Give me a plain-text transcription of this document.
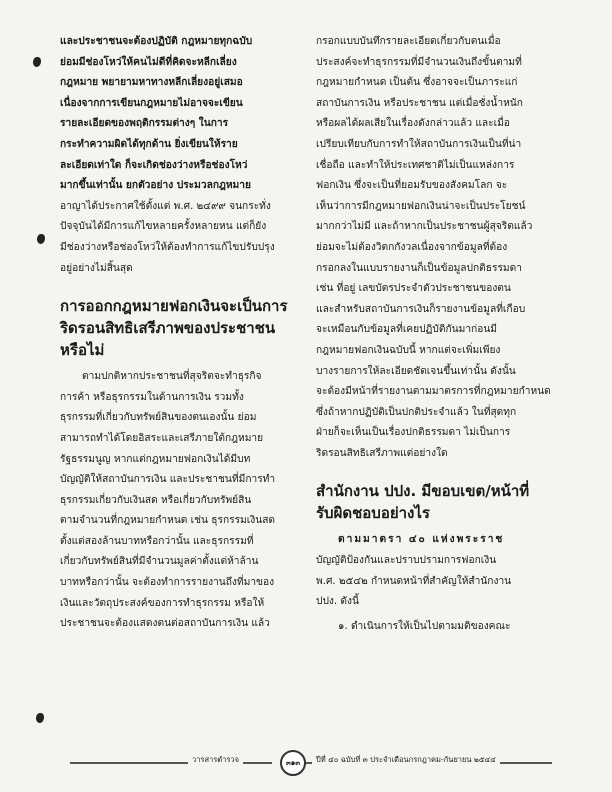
และประชาชนจะต้องปฏิบัติ กฎหมายทุกฉบับ
ย่อมมีช่องโหว่ให้คนไม่ดีที่คิดจะหลีกเลี่ยง
กฎหมาย พยายามหาทางหลีกเลี่ยงอยู่เสมอ
เนื่องจากการเขียนกฎหมายไม่อาจจะเขียน
รายละเอียดของพฤติกรรมต่างๆ ในการ
กระทำความผิดได้ทุกด้าน ยิ่งเขียนให้ราย
ละเอียดเท่าใด ก็จะเกิดช่องว่างหรือช่องโหว่
มากขึ้นเท่านั้น ยกตัวอย่าง ประมวลกฎหมาย
อาญาได้ประกาศใช้ตั้งแต่ พ.ศ. ๒๔๙๙ จนกระทั่ง
ปัจจุบันได้มีการแก้ไขหลายครั้งหลายหน แต่ก็ยัง
มีช่องว่างหรือช่องโหว่ให้ต้องทำการแก้ไขปรับปรุง
อยู่อย่างไม่สิ้นสุด
การออกกฎหมายฟอกเงินจะเป็นการ
ริดรอนสิทธิเสรีภาพของประชาชน
หรือไม่
ตามปกติหากประชาชนที่สุจริตจะทำธุรกิจ
การค้า หรือธุรกรรมในด้านการเงิน รวมทั้ง
ธุรกรรมที่เกี่ยวกับทรัพย์สินของตนเองนั้น ย่อม
สามารถทำได้โดยอิสระและเสรีภายใต้กฎหมาย
รัฐธรรมนูญ หากแต่กฎหมายฟอกเงินได้มีบท
บัญญัติให้สถาบันการเงิน และประชาชนที่มีการทำ
ธุรกรรมเกี่ยวกับเงินสด หรือเกี่ยวกับทรัพย์สิน
ตามจำนวนที่กฎหมายกำหนด เช่น ธุรกรรมเงินสด
ตั้งแต่สองล้านบาทหรือกว่านั้น และธุรกรรมที่
เกี่ยวกับทรัพย์สินที่มีจำนวนมูลค่าตั้งแต่ห้าล้าน
บาทหรือกว่านั้น จะต้องทำการรายงานถึงที่มาของ
เงินและวัตถุประสงค์ของการทำธุรกรรม หรือให้
ประชาชนจะต้องแสดงตนต่อสถาบันการเงิน แล้ว
กรอกแบบบันทึกรายละเอียดเกี่ยวกับตนเมื่อ
ประสงค์จะทำธุรกรรมที่มีจำนวนเงินถึงขั้นตามที่
กฎหมายกำหนด เป็นต้น ซึ่งอาจจะเป็นภาระแก่
สถาบันการเงิน หรือประชาชน แต่เมื่อชั่งน้ำหนัก
หรือผลได้ผลเสียในเรื่องดังกล่าวแล้ว และเมื่อ
เปรียบเทียบกับการทำให้สถาบันการเงินเป็นที่น่า
เชื่อถือ และทำให้ประเทศชาติไม่เป็นแหล่งการ
ฟอกเงิน ซึ่งจะเป็นที่ยอมรับของสังคมโลก จะ
เห็นว่าการมีกฎหมายฟอกเงินน่าจะเป็นประโยชน์
มากกว่าไม่มี และถ้าหากเป็นประชาชนผู้สุจริตแล้ว
ย่อมจะไม่ต้องวิตกกังวลเนื่องจากข้อมูลที่ต้อง
กรอกลงในแบบรายงานก็เป็นข้อมูลปกติธรรมดา
เช่น ที่อยู่ เลขบัตรประจำตัวประชาชนของตน
และสำหรับสถาบันการเงินก็รายงานข้อมูลที่เกือบ
จะเหมือนกับข้อมูลที่เคยปฏิบัติกันมาก่อนมี
กฎหมายฟอกเงินฉบับนี้ หากแต่จะเพิ่มเพียง
บางรายการให้ละเอียดชัดเจนขึ้นเท่านั้น ดังนั้น
จะต้องมีหน้าที่รายงานตามมาตรการที่กฎหมายกำหนด
ซึ่งถ้าหากปฏิบัติเป็นปกติประจำแล้ว ในที่สุดทุก
ฝ่ายก็จะเห็นเป็นเรื่องปกติธรรมดา ไม่เป็นการ
ริดรอนสิทธิเสรีภาพแต่อย่างใด
สำนักงาน ปปง. มีขอบเขต/หน้าที่
รับผิดชอบอย่างไร
ตามมาตรา ๔๐ แห่งพระราช
บัญญัติป้องกันและปราบปรามการฟอกเงิน
พ.ศ. ๒๕๔๒ กำหนดหน้าที่สำคัญให้สำนักงาน
ปปง. ดังนี้
๑. ดำเนินการให้เป็นไปตามมติของคณะ
วารสารตำรวจ	๓๑๓	ปีที่ ๔๐ ฉบับที่ ๓ ประจำเดือนกรกฎาคม-กันยายน ๒๕๔๔
